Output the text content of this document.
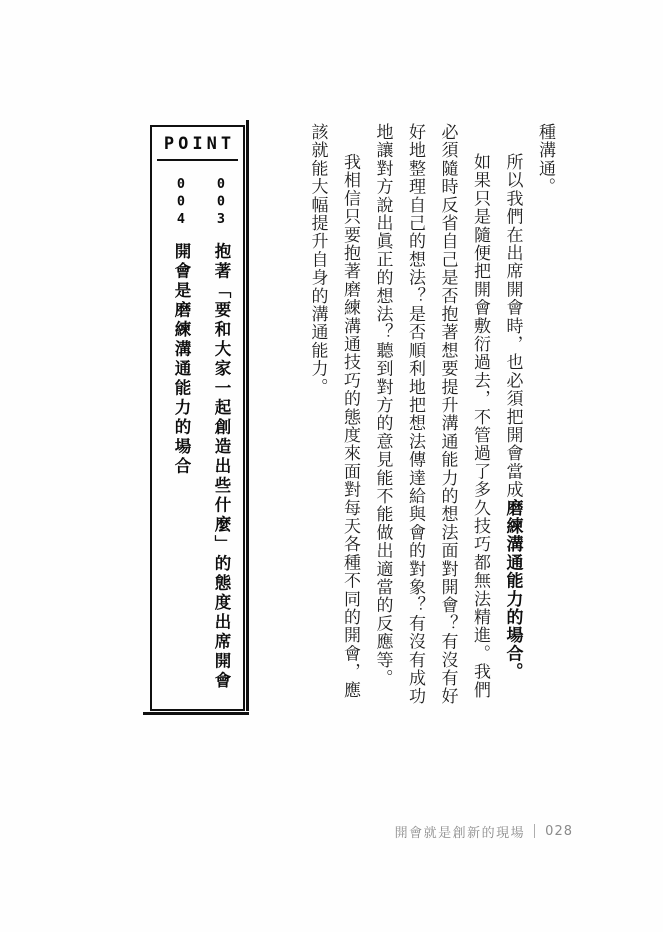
種溝通。
所以我們在出席開會時，也必須把開會當成磨練溝通能力的場合。
如果只是隨便把開會敷衍過去，不管過了多久技巧都無法精進。我們
必須隨時反省自己是否抱著想要提升溝通能力的想法面對開會？有沒有好
好地整理自己的想法？是否順利地把想法傳達給與會的對象？有沒有成功
地讓對方說出眞正的想法？聽到對方的意見能不能做出適當的反應等。
我相信只要抱著磨練溝通技巧的態度來面對每天各種不同的開會，應
該就能大幅提升自身的溝通能力。
POINT
003抱著「要和大家一起創造出些什麼」的態度出席開會
004開會是磨練溝通能力的場合
開會就是創新的現場 028
